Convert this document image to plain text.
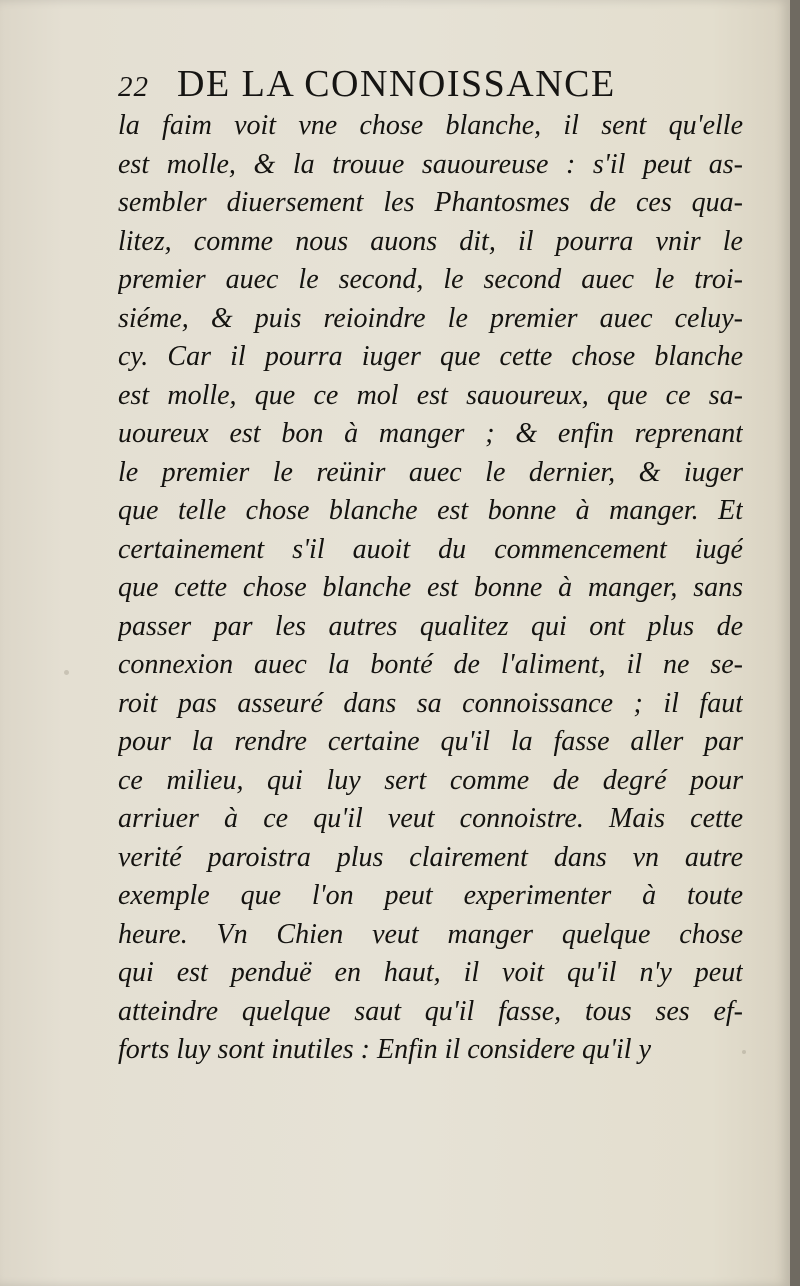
22 DE LA CONNOISSANCE
la faim voit vne chose blanche, il sent qu'elle
est molle, & la trouue sauoureuse : s'il peut as-
sembler diuersement les Phantosmes de ces qua-
litez, comme nous auons dit, il pourra vnir le
premier auec le second, le second auec le troi-
siéme, & puis reioindre le premier auec celuy-
cy. Car il pourra iuger que cette chose blanche
est molle, que ce mol est sauoureux, que ce sa-
uoureux est bon à manger ; & enfin reprenant
le premier le reünir auec le dernier, & iuger
que telle chose blanche est bonne à manger. Et
certainement s'il auoit du commencement iugé
que cette chose blanche est bonne à manger, sans
passer par les autres qualitez qui ont plus de
connexion auec la bonté de l'aliment, il ne se-
roit pas asseuré dans sa connoissance ; il faut
pour la rendre certaine qu'il la fasse aller par
ce milieu, qui luy sert comme de degré pour
arriuer à ce qu'il veut connoistre. Mais cette
verité paroistra plus clairement dans vn autre
exemple que l'on peut experimenter à toute
heure. Vn Chien veut manger quelque chose
qui est penduë en haut, il voit qu'il n'y peut
atteindre quelque saut qu'il fasse, tous ses ef-
forts luy sont inutiles : Enfin il considere qu'il y
